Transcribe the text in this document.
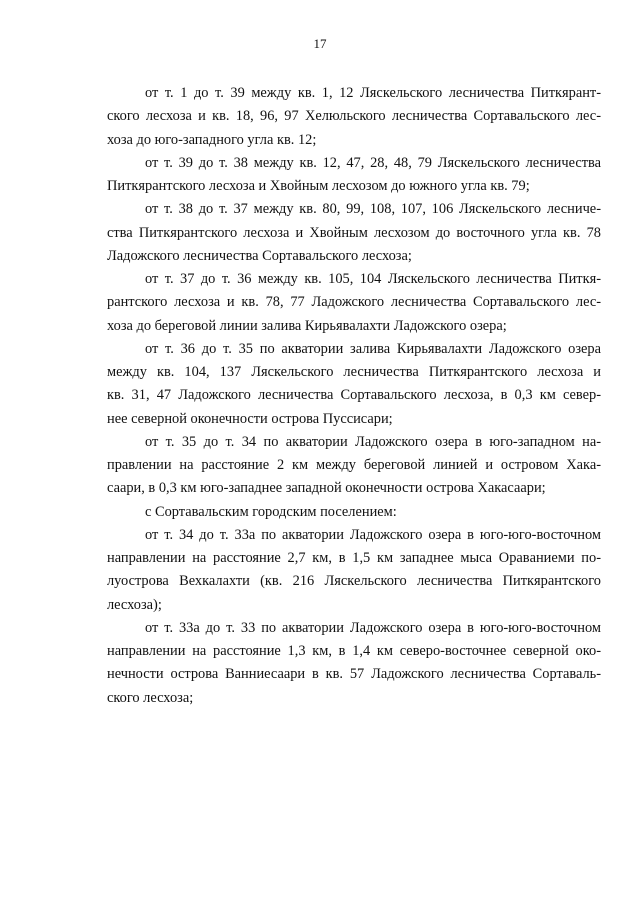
17
от т. 1 до т. 39 между кв. 1, 12 Ляскельского лесничества Питкярант-
ского лесхоза и кв. 18, 96, 97 Хелюльского лесничества Сортавальского лес-
хоза до юго-западного угла кв. 12;
от т. 39 до т. 38 между кв. 12, 47, 28, 48, 79 Ляскельского лесничества
Питкярантского лесхоза и Хвойным лесхозом до южного угла кв. 79;
от т. 38 до т. 37 между кв. 80, 99, 108, 107, 106 Ляскельского лесниче-
ства Питкярантского лесхоза и Хвойным лесхозом до восточного угла кв. 78
Ладожского лесничества Сортавальского лесхоза;
от т. 37 до т. 36 между кв. 105, 104 Ляскельского лесничества Питкя-
рантского лесхоза и кв. 78, 77 Ладожского лесничества Сортавальского лес-
хоза до береговой линии залива Кирьявалахти Ладожского озера;
от т. 36 до т. 35 по акватории залива Кирьявалахти Ладожского озера
между кв. 104, 137 Ляскельского лесничества Питкярантского лесхоза и
кв. 31, 47 Ладожского лесничества Сортавальского лесхоза, в 0,3 км север-
нее северной оконечности острова Пуссисари;
от т. 35 до т. 34 по акватории Ладожского озера в юго-западном на-
правлении на расстояние 2 км между береговой линией и островом Хака-
саари, в 0,3 км юго-западнее западной оконечности острова Хакасаари;
с Сортавальским городским поселением:
от т. 34 до т. 33а по акватории Ладожского озера в юго-юго-восточном
направлении на расстояние 2,7 км, в 1,5 км западнее мыса Оравaниеми по-
луострова Вехкалахти (кв. 216 Ляскельского лесничества Питкярантского
лесхоза);
от т. 33а до т. 33 по акватории Ладожского озера в юго-юго-восточном
направлении на расстояние 1,3 км, в 1,4 км северо-восточнее северной око-
нечности острова Ванниесаари в кв. 57 Ладожского лесничества Сортаваль-
ского лесхоза;
